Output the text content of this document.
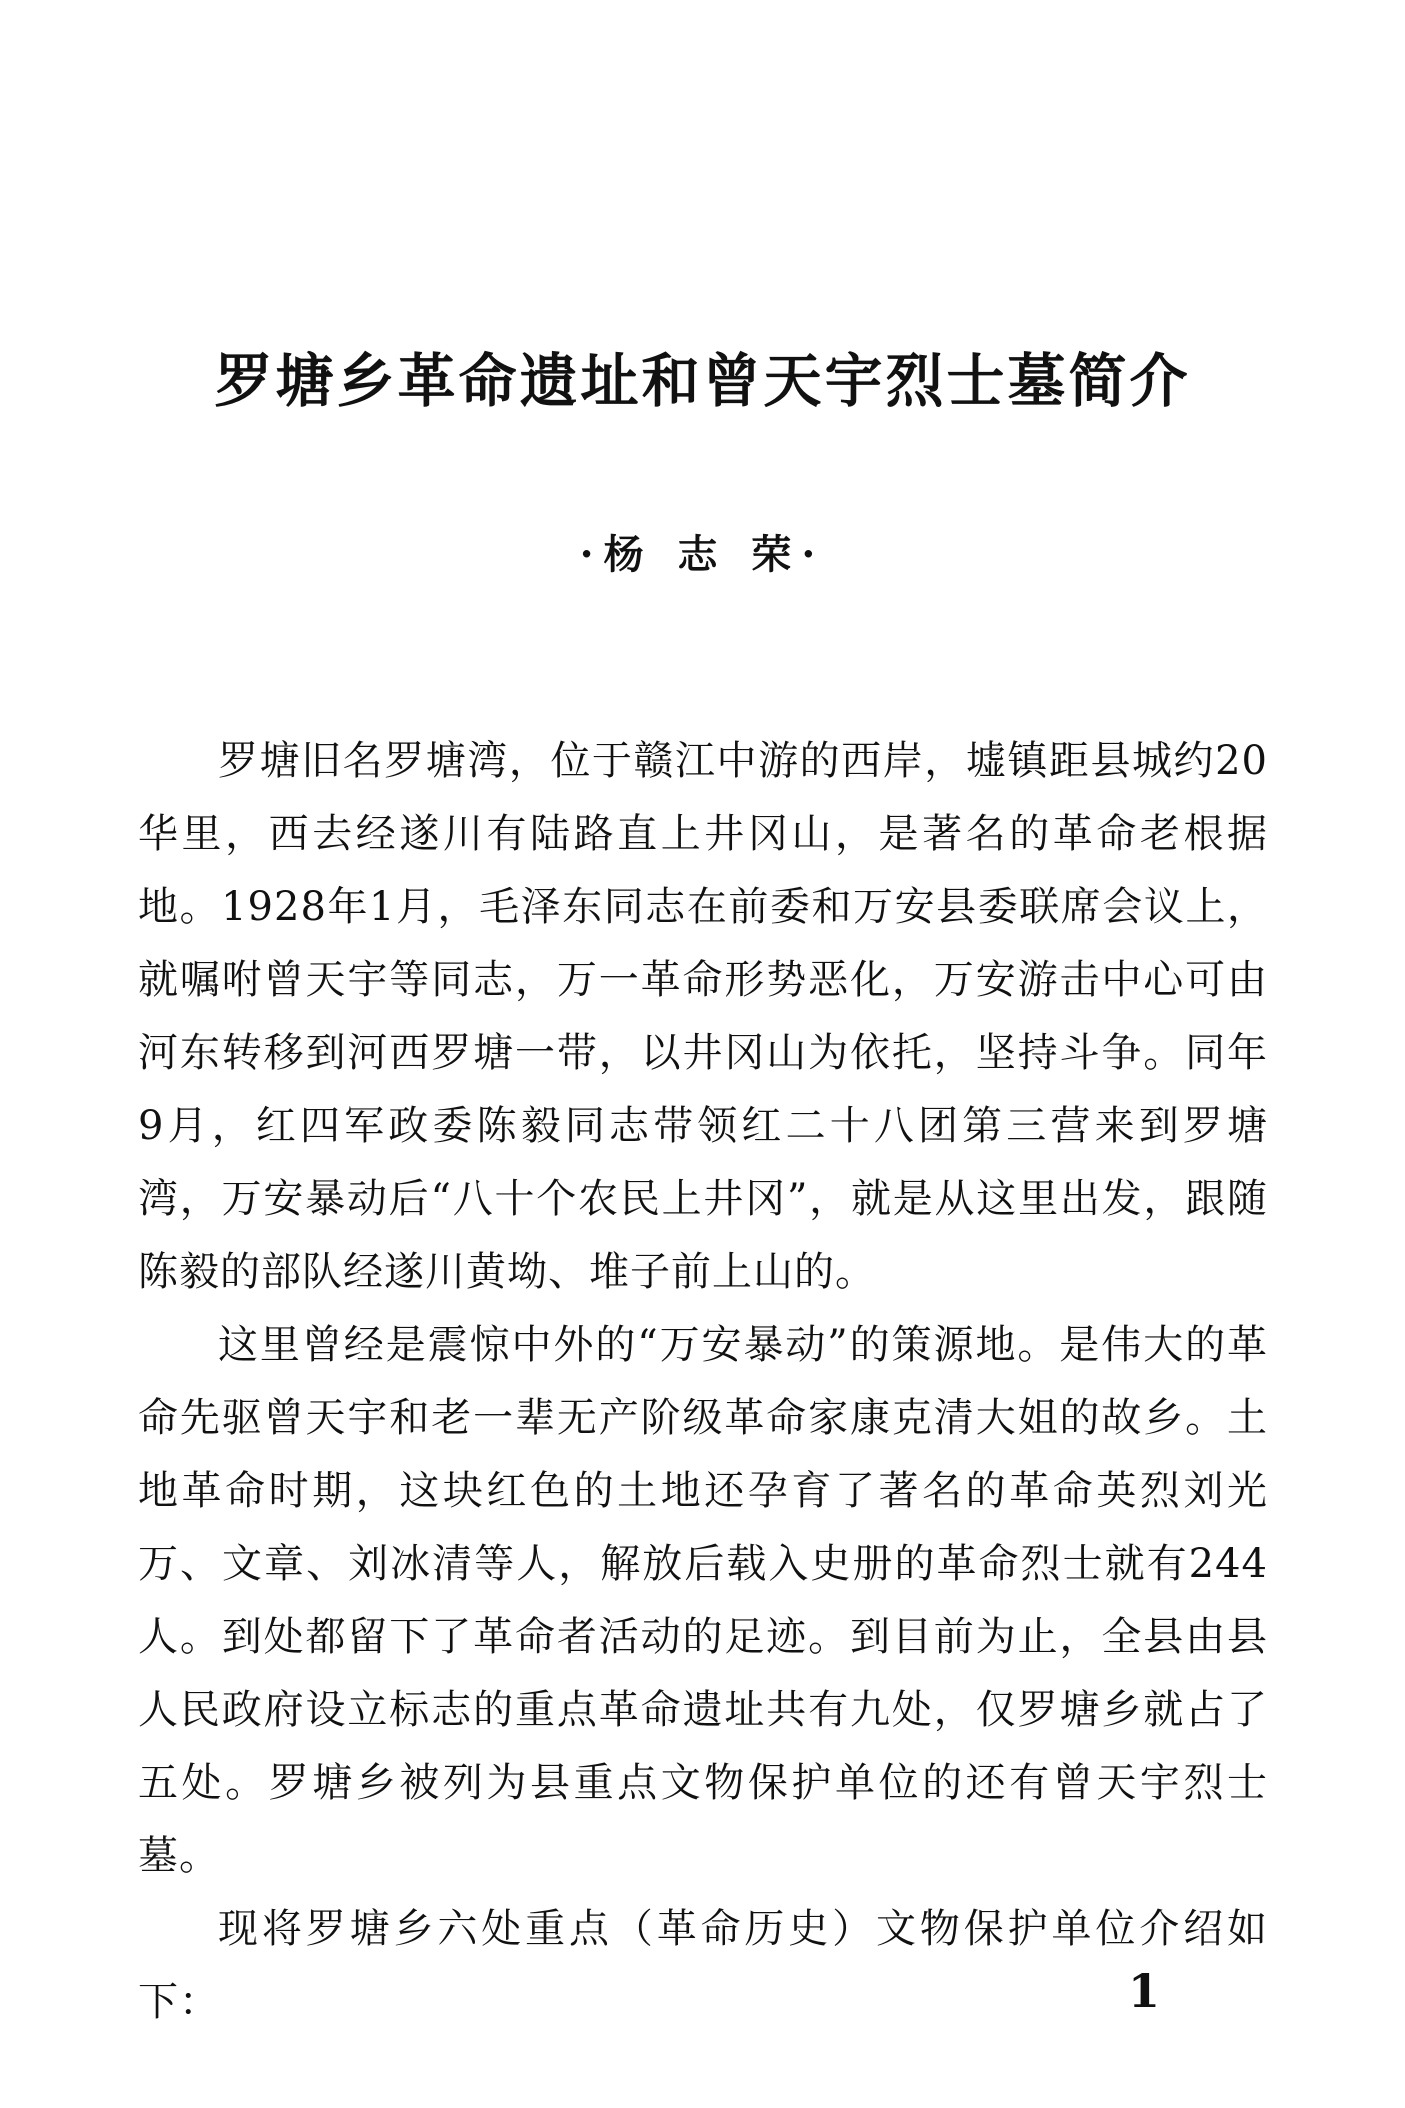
罗塘乡革命遗址和曾天宇烈士墓简介
·杨 志 荣·

罗塘旧名罗塘湾，位于赣江中游的西岸，墟镇距县城约20华里，西去经遂川有陆路直上井冈山，是著名的革命老根据地。1928年1月，毛泽东同志在前委和万安县委联席会议上，就嘱咐曾天宇等同志，万一革命形势恶化，万安游击中心可由河东转移到河西罗塘一带，以井冈山为依托，坚持斗争。同年9月，红四军政委陈毅同志带领红二十八团第三营来到罗塘湾，万安暴动后“八十个农民上井冈”，就是从这里出发，跟随陈毅的部队经遂川黄坳、堆子前上山的。

这里曾经是震惊中外的“万安暴动”的策源地。是伟大的革命先驱曾天宇和老一辈无产阶级革命家康克清大姐的故乡。土地革命时期，这块红色的土地还孕育了著名的革命英烈刘光万、文章、刘冰清等人，解放后载入史册的革命烈士就有244人。到处都留下了革命者活动的足迹。到目前为止，全县由县人民政府设立标志的重点革命遗址共有九处，仅罗塘乡就占了五处。罗塘乡被列为县重点文物保护单位的还有曾天宇烈士墓。

现将罗塘乡六处重点（革命历史）文物保护单位介绍如下：	1
